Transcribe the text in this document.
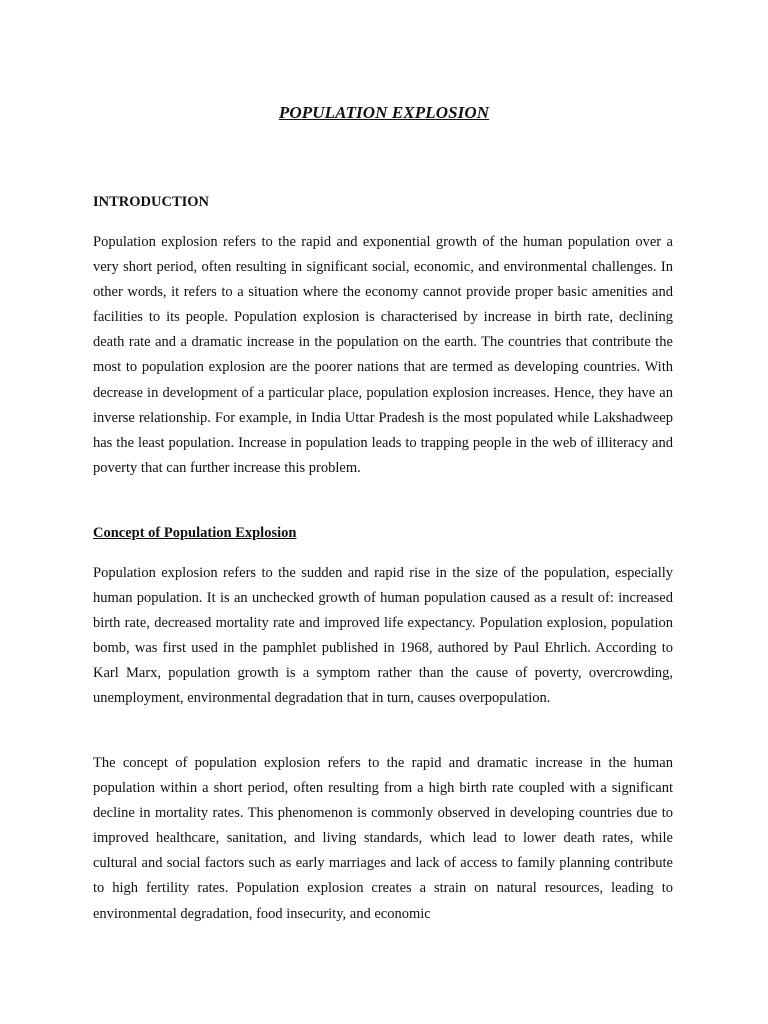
POPULATION EXPLOSION
INTRODUCTION

Population explosion refers to the rapid and exponential growth of the human population over a very short period, often resulting in significant social, economic, and environmental challenges. In other words, it refers to a situation where the economy cannot provide proper basic amenities and facilities to its people. Population explosion is characterised by increase in birth rate, declining death rate and a dramatic increase in the population on the earth. The countries that contribute the most to population explosion are the poorer nations that are termed as developing countries. With decrease in development of a particular place, population explosion increases. Hence, they have an inverse relationship. For example, in India Uttar Pradesh is the most populated while Lakshadweep has the least population. Increase in population leads to trapping people in the web of illiteracy and poverty that can further increase this problem.

Concept of Population Explosion

Population explosion refers to the sudden and rapid rise in the size of the population, especially human population. It is an unchecked growth of human population caused as a result of: increased birth rate, decreased mortality rate and improved life expectancy. Population explosion, population bomb, was first used in the pamphlet published in 1968, authored by Paul Ehrlich. According to Karl Marx, population growth is a symptom rather than the cause of poverty, overcrowding, unemployment, environmental degradation that in turn, causes overpopulation.

The concept of population explosion refers to the rapid and dramatic increase in the human population within a short period, often resulting from a high birth rate coupled with a significant decline in mortality rates. This phenomenon is commonly observed in developing countries due to improved healthcare, sanitation, and living standards, which lead to lower death rates, while cultural and social factors such as early marriages and lack of access to family planning contribute to high fertility rates. Population explosion creates a strain on natural resources, leading to environmental degradation, food insecurity, and economic
